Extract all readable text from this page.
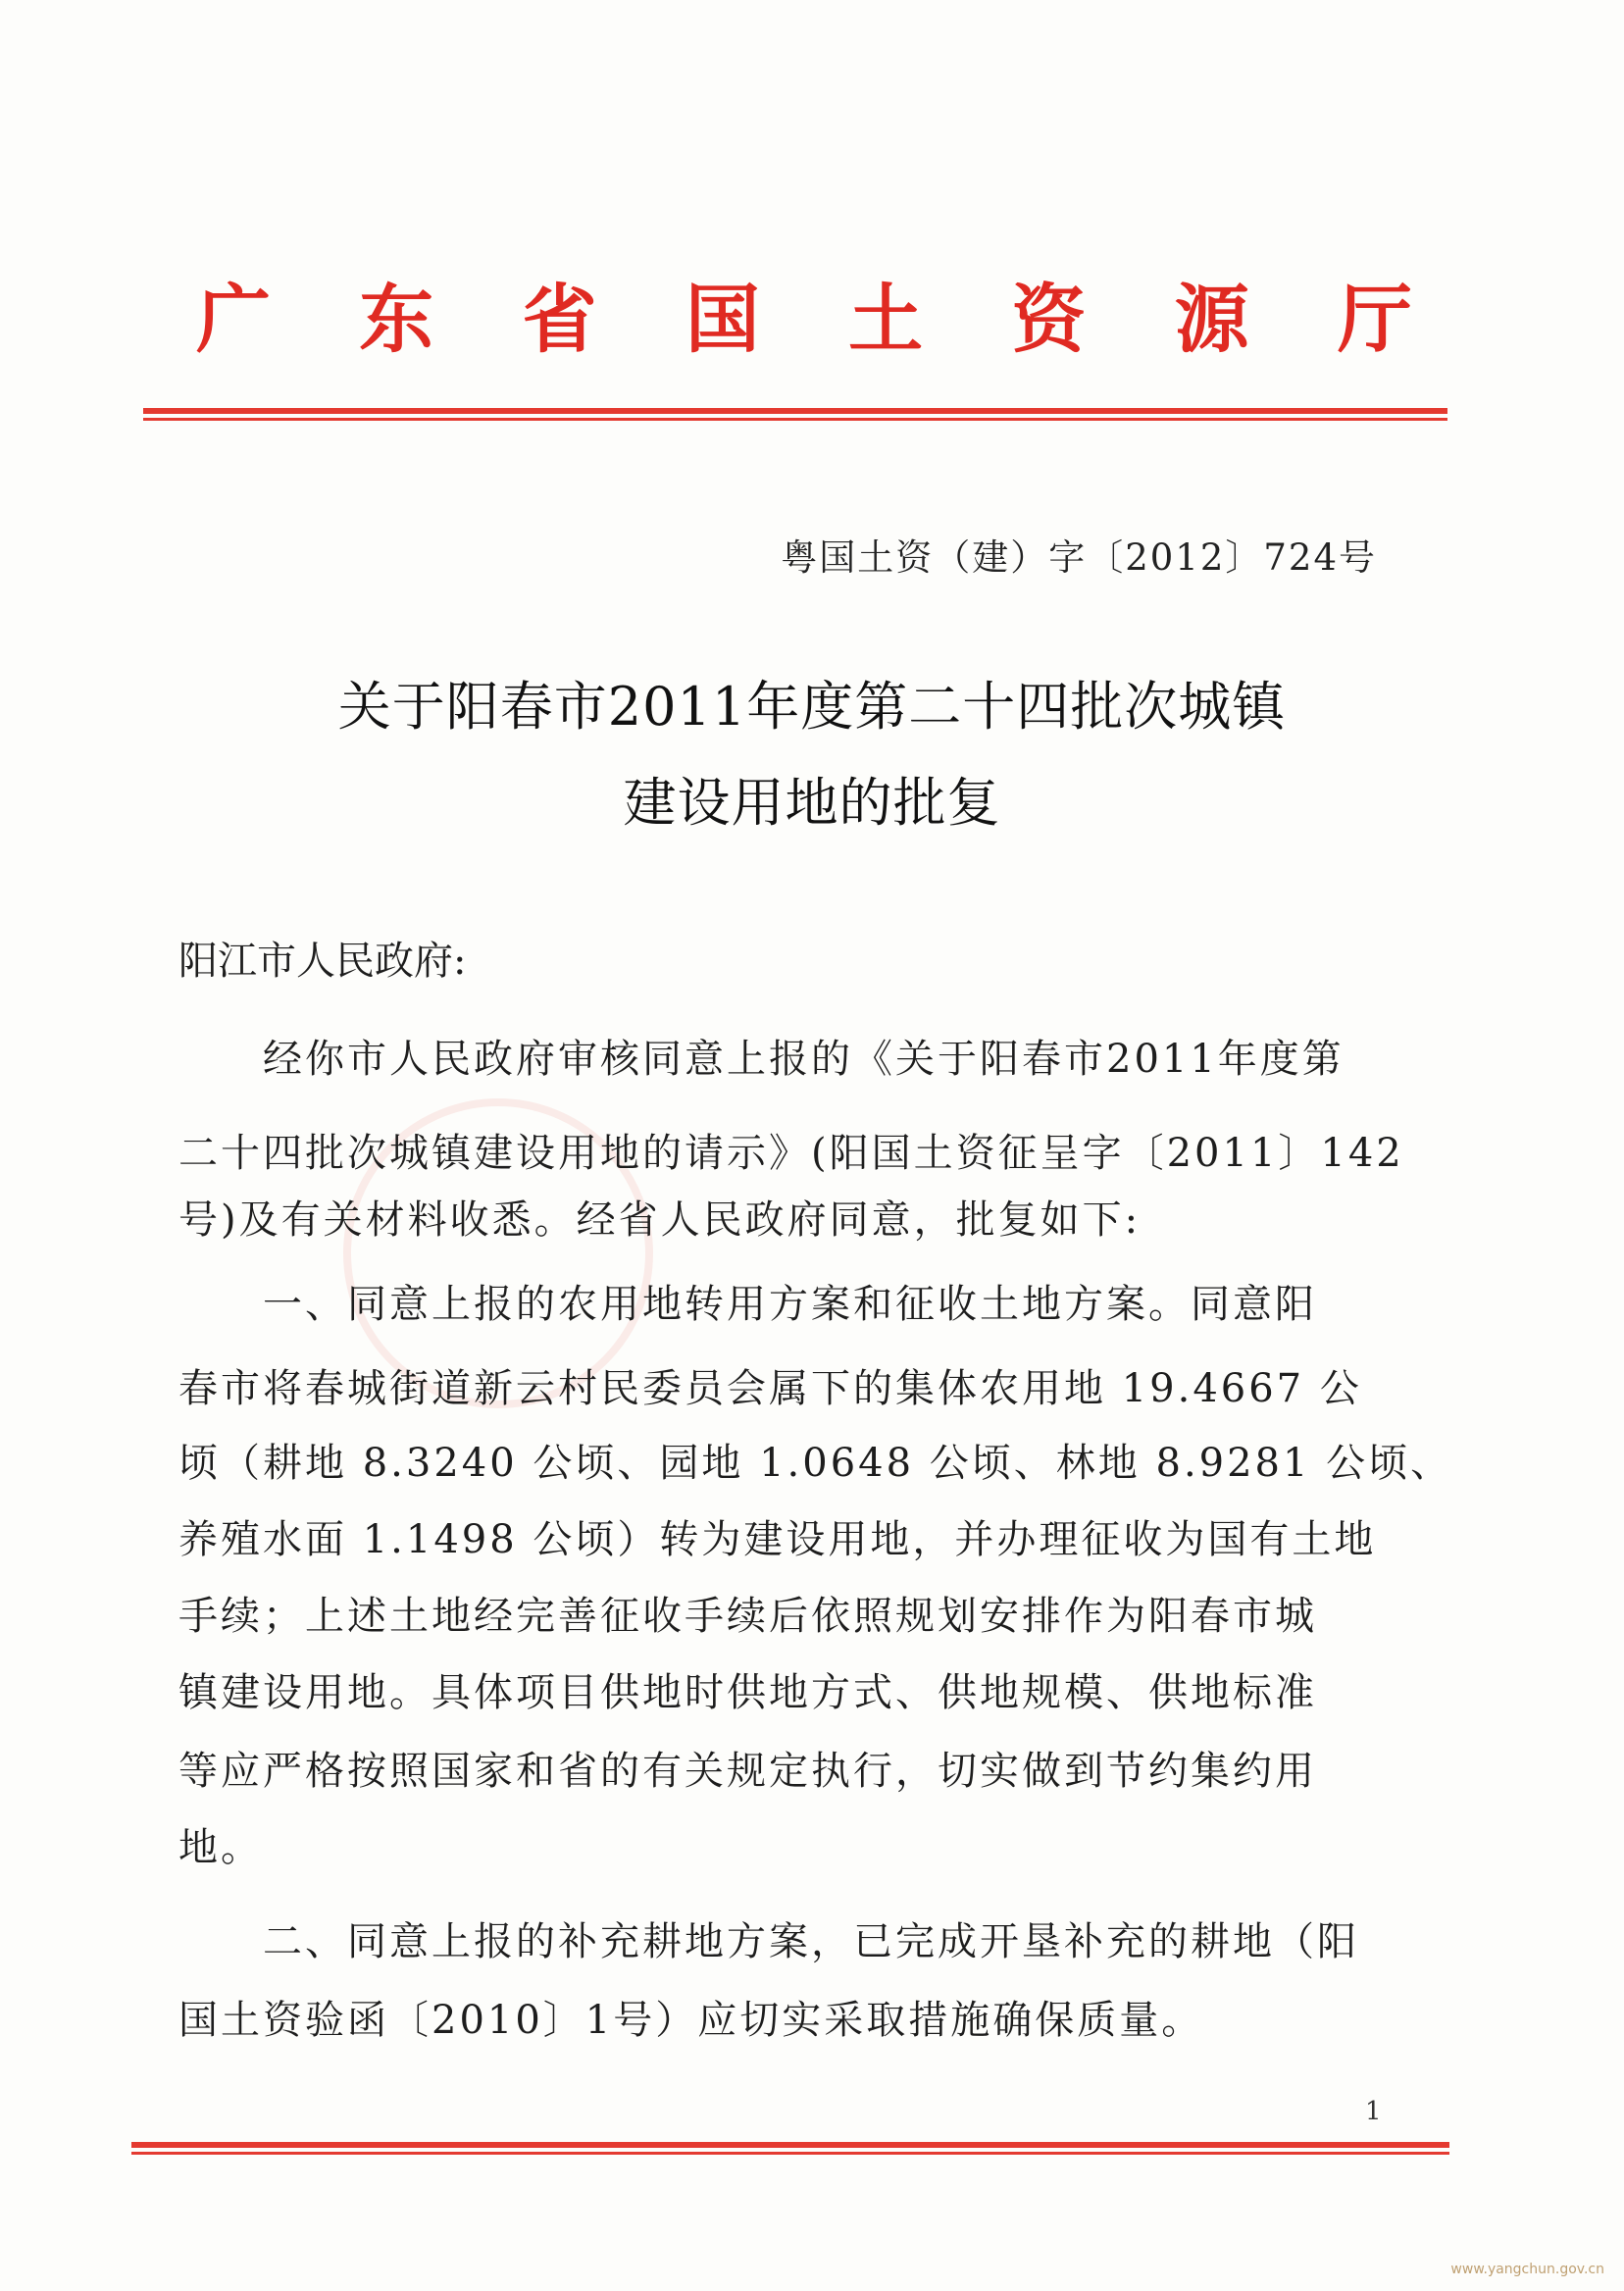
广 东 省 国 土 资 源 厅
粤国土资（建）字〔2012〕724号
关于阳春市2011年度第二十四批次城镇
建设用地的批复
阳江市人民政府:
　　经你市人民政府审核同意上报的《关于阳春市2011年度第
二十四批次城镇建设用地的请示》(阳国土资征呈字〔2011〕142
号)及有关材料收悉。经省人民政府同意，批复如下:
　　一、同意上报的农用地转用方案和征收土地方案。同意阳
春市将春城街道新云村民委员会属下的集体农用地 19.4667 公
顷（耕地 8.3240 公顷、园地 1.0648 公顷、林地 8.9281 公顷、
养殖水面 1.1498 公顷）转为建设用地，并办理征收为国有土地
手续；上述土地经完善征收手续后依照规划安排作为阳春市城
镇建设用地。具体项目供地时供地方式、供地规模、供地标准
等应严格按照国家和省的有关规定执行，切实做到节约集约用
地。
　　二、同意上报的补充耕地方案，已完成开垦补充的耕地（阳
国土资验函〔2010〕1号）应切实采取措施确保质量。
1
www.yangchun.gov.cn
